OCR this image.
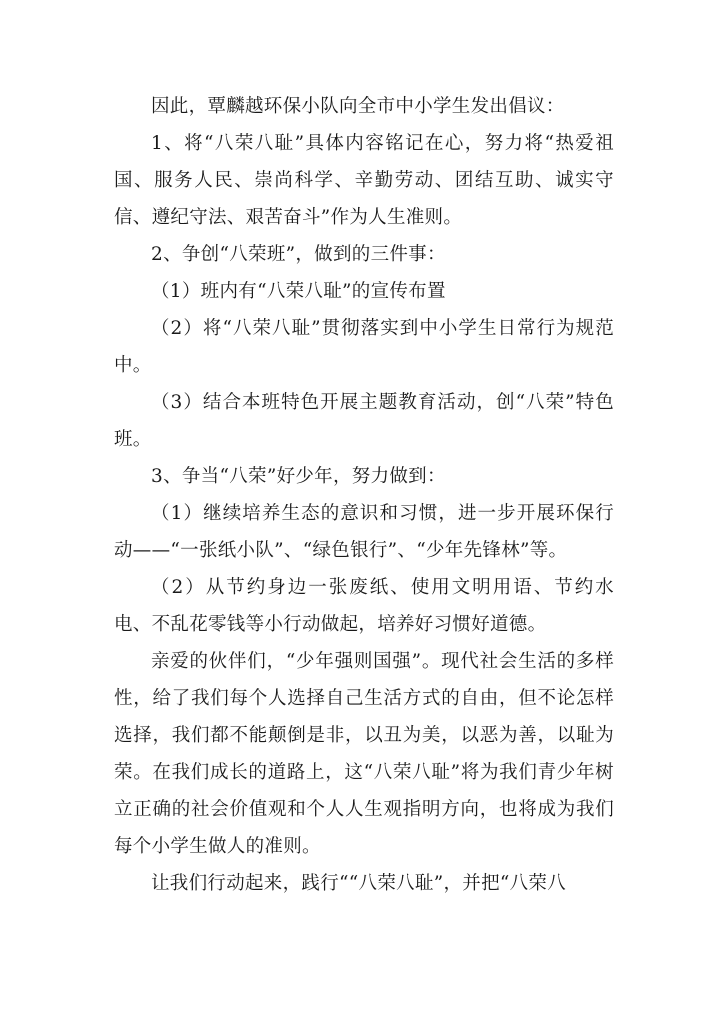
因此，覃麟越环保小队向全市中小学生发出倡议：

1、将“八荣八耻”具体内容铭记在心，努力将“热爱祖国、服务人民、崇尚科学、辛勤劳动、团结互助、诚实守信、遵纪守法、艰苦奋斗”作为人生准则。

2、争创“八荣班”，做到的三件事：

（1）班内有“八荣八耻”的宣传布置

（2）将“八荣八耻”贯彻落实到中小学生日常行为规范中。

（3）结合本班特色开展主题教育活动，创“八荣”特色班。

3、争当“八荣”好少年，努力做到：

（1）继续培养生态的意识和习惯，进一步开展环保行动——“一张纸小队”、“绿色银行”、“少年先锋林”等。

（2）从节约身边一张废纸、使用文明用语、节约水电、不乱花零钱等小行动做起，培养好习惯好道德。

亲爱的伙伴们，“少年强则国强”。现代社会生活的多样性，给了我们每个人选择自己生活方式的自由，但不论怎样选择，我们都不能颠倒是非，以丑为美，以恶为善，以耻为荣。在我们成长的道路上，这“八荣八耻”将为我们青少年树立正确的社会价值观和个人人生观指明方向，也将成为我们每个小学生做人的准则。

让我们行动起来，践行““八荣八耻”，并把“八荣八
